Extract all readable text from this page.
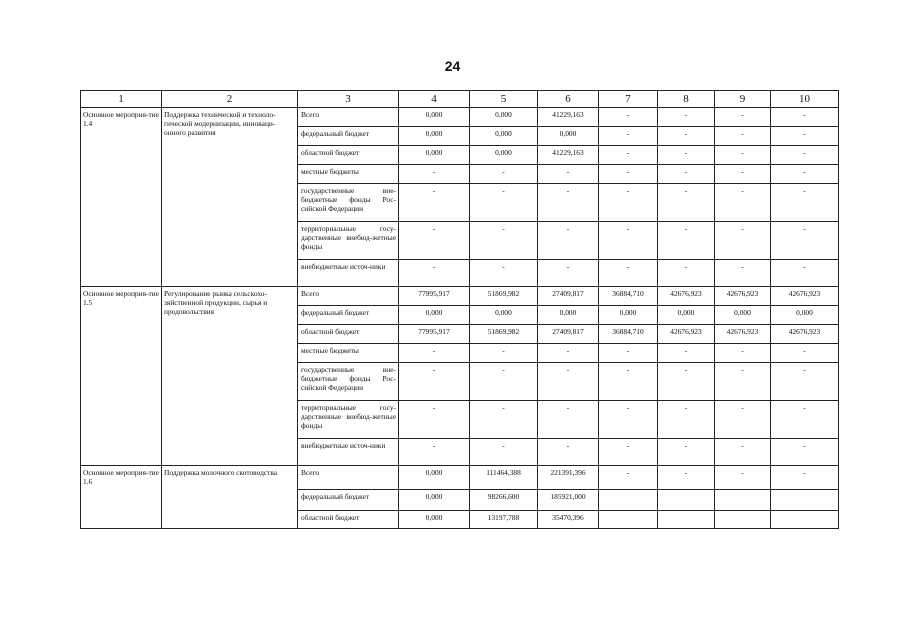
24
1	2	3	4	5	6	7	8	9	10
Основное мероприя-тие 1.4	Поддержка технической и техноло-гической модернизации, инноваци-онного развития	Всего	0,000	0,000	41229,163	-	-	-	-
		федеральный бюджет	0,000	0,000	0,000	-	-	-	-
		областной бюджет	0,000	0,000	41229,163	-	-	-	-
		местные бюджеты	-	-	-	-	-	-	-
		государственные вне-бюджетные фонды Рос-сийской Федерации	-	-	-	-	-	-	-
		территориальные госу-дарственные внебюд-жетные фонды	-	-	-	-	-	-	-
		внебюджетные источ-ники	-	-	-	-	-	-	-
Основное мероприя-тие 1.5	Регулирование рынка сельскохо-зяйственной продукции, сырья и продовольствия	Всего	77995,917	51869,982	27409,817	36884,710	42676,923	42676,923	42676,923
		федеральный бюджет	0,000	0,000	0,000	0,000	0,000	0,000	0,000
		областной бюджет	77995,917	51869,982	27409,817	36884,710	42676,923	42676,923	42676,923
		местные бюджеты	-	-	-	-	-	-	-
		государственные вне-бюджетные фонды Рос-сийской Федерации	-	-	-	-	-	-	-
		территориальные госу-дарственные внебюд-жетные фонды	-	-	-	-	-	-	-
		внебюджетные источ-ники	-	-	-	-	-	-	-
Основное мероприя-тие 1.6	Поддержка молочного скотоводства	Всего	0,000	111464,388	221391,396	-	-	-	-
		федеральный бюджет	0,000	98266,600	185921,000				
		областной бюджет	0,000	13197,788	35470,396				
